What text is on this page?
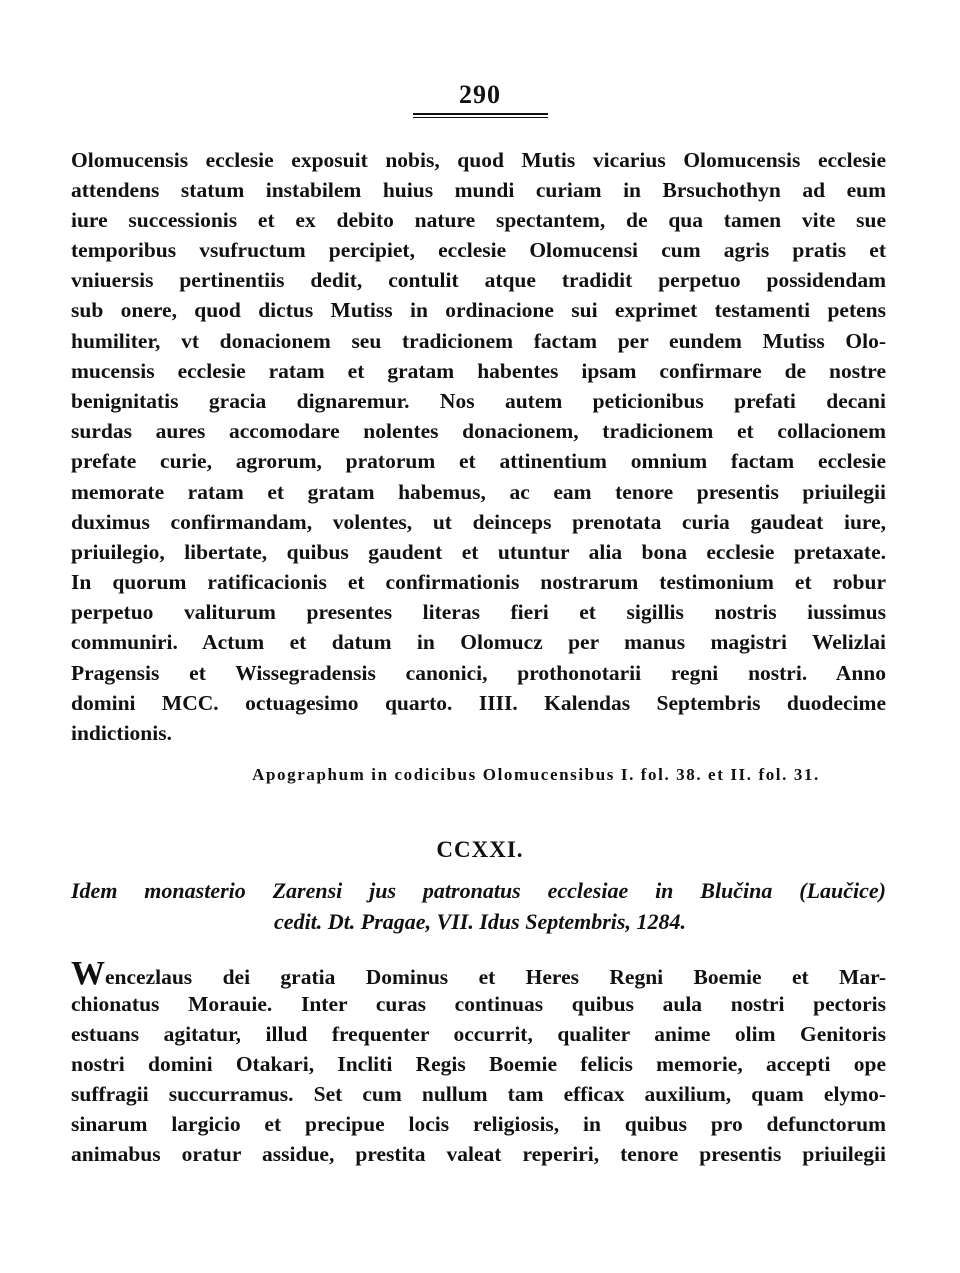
290
Olomucensis ecclesie exposuit nobis, quod Mutis vicarius Olomucensis ecclesie
attendens statum instabilem huius mundi curiam in Brsuchothyn ad eum
iure successionis et ex debito nature spectantem, de qua tamen vite sue
temporibus vsufructum percipiet, ecclesie Olomucensi cum agris pratis et
vniuersis pertinentiis dedit, contulit atque tradidit perpetuo possidendam
sub onere, quod dictus Mutiss in ordinacione sui exprimet testamenti petens
humiliter, vt donacionem seu tradicionem factam per eundem Mutiss Olo-
mucensis ecclesie ratam et gratam habentes ipsam confirmare de nostre
benignitatis gracia dignaremur. Nos autem peticionibus prefati decani
surdas aures accomodare nolentes donacionem, tradicionem et collacionem
prefate curie, agrorum, pratorum et attinentium omnium factam ecclesie
memorate ratam et gratam habemus, ac eam tenore presentis priuilegii
duximus confirmandam, volentes, ut deinceps prenotata curia gaudeat iure,
priuilegio, libertate, quibus gaudent et utuntur alia bona ecclesie pretaxate.
In quorum ratificacionis et confirmationis nostrarum testimonium et robur
perpetuo valiturum presentes literas fieri et sigillis nostris iussimus
communiri. Actum et datum in Olomucz per manus magistri Welizlai
Pragensis et Wissegradensis canonici, prothonotarii regni nostri. Anno
domini MCC. octuagesimo quarto. IIII. Kalendas Septembris duodecime
indictionis.
Apographum in codicibus Olomucensibus I. fol. 38. et II. fol. 31.
CCXXI.
Idem monasterio Zarensi jus patronatus ecclesiae in Blučina (Laučice)
cedit. Dt. Pragae, VII. Idus Septembris, 1284.
Wencezlaus dei gratia Dominus et Heres Regni Boemie et Mar-
chionatus Morauie. Inter curas continuas quibus aula nostri pectoris
estuans agitatur, illud frequenter occurrit, qualiter anime olim Genitoris
nostri domini Otakari, Incliti Regis Boemie felicis memorie, accepti ope
suffragii succurramus. Set cum nullum tam efficax auxilium, quam elymo-
sinarum largicio et precipue locis religiosis, in quibus pro defunctorum
animabus oratur assidue, prestita valeat reperiri, tenore presentis priuilegii
